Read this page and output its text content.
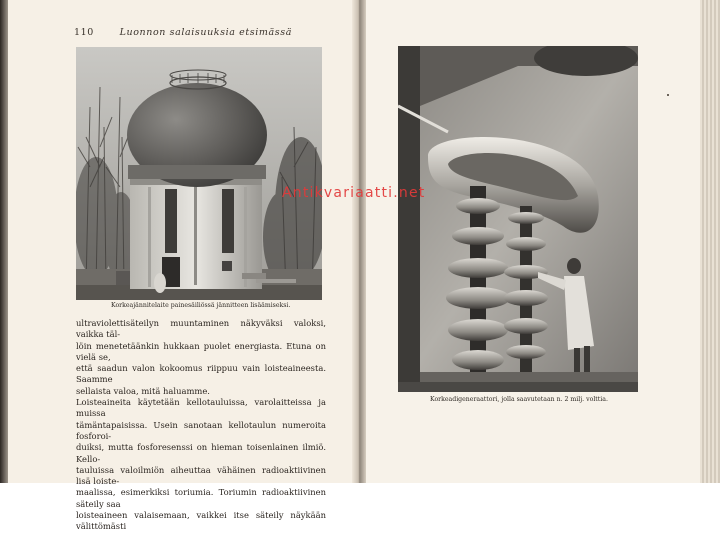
110	Luonnon salaisuuksia etsimässä
Korkeajännitelaite painesäiliössä jännitteen lisäämiseksi.

ultraviolettisäteilyn muuntaminen näkyväksi valoksi, vaikka täl-

löin menetetäänkin hukkaan puolet energiasta. Etuna on vielä se,

että saadun valon kokoomus riippuu vain loisteaineesta. Saamme

sellaista valoa, mitä haluamme.

Loisteaineita käytetään kellotauluissa, varolaitteissa ja muissa

tämäntapaisissa. Usein sanotaan kellotaulun numeroita fosforoi-

duiksi, mutta fosforesenssi on hieman toisenlainen ilmiö. Kello-

tauluissa valoilmiön aiheuttaa vähäinen radioaktiivinen lisä loiste-

maalissa, esimerkiksi toriumia. Toriumin radioaktiivinen säteily saa

loisteaineen valaisemaan, vaikkei itse säteily näykään välittömästi

Korkeadigeneraattori, jolla saavutetaan n. 2 milj. volttia.
Antikvariaatti.net
